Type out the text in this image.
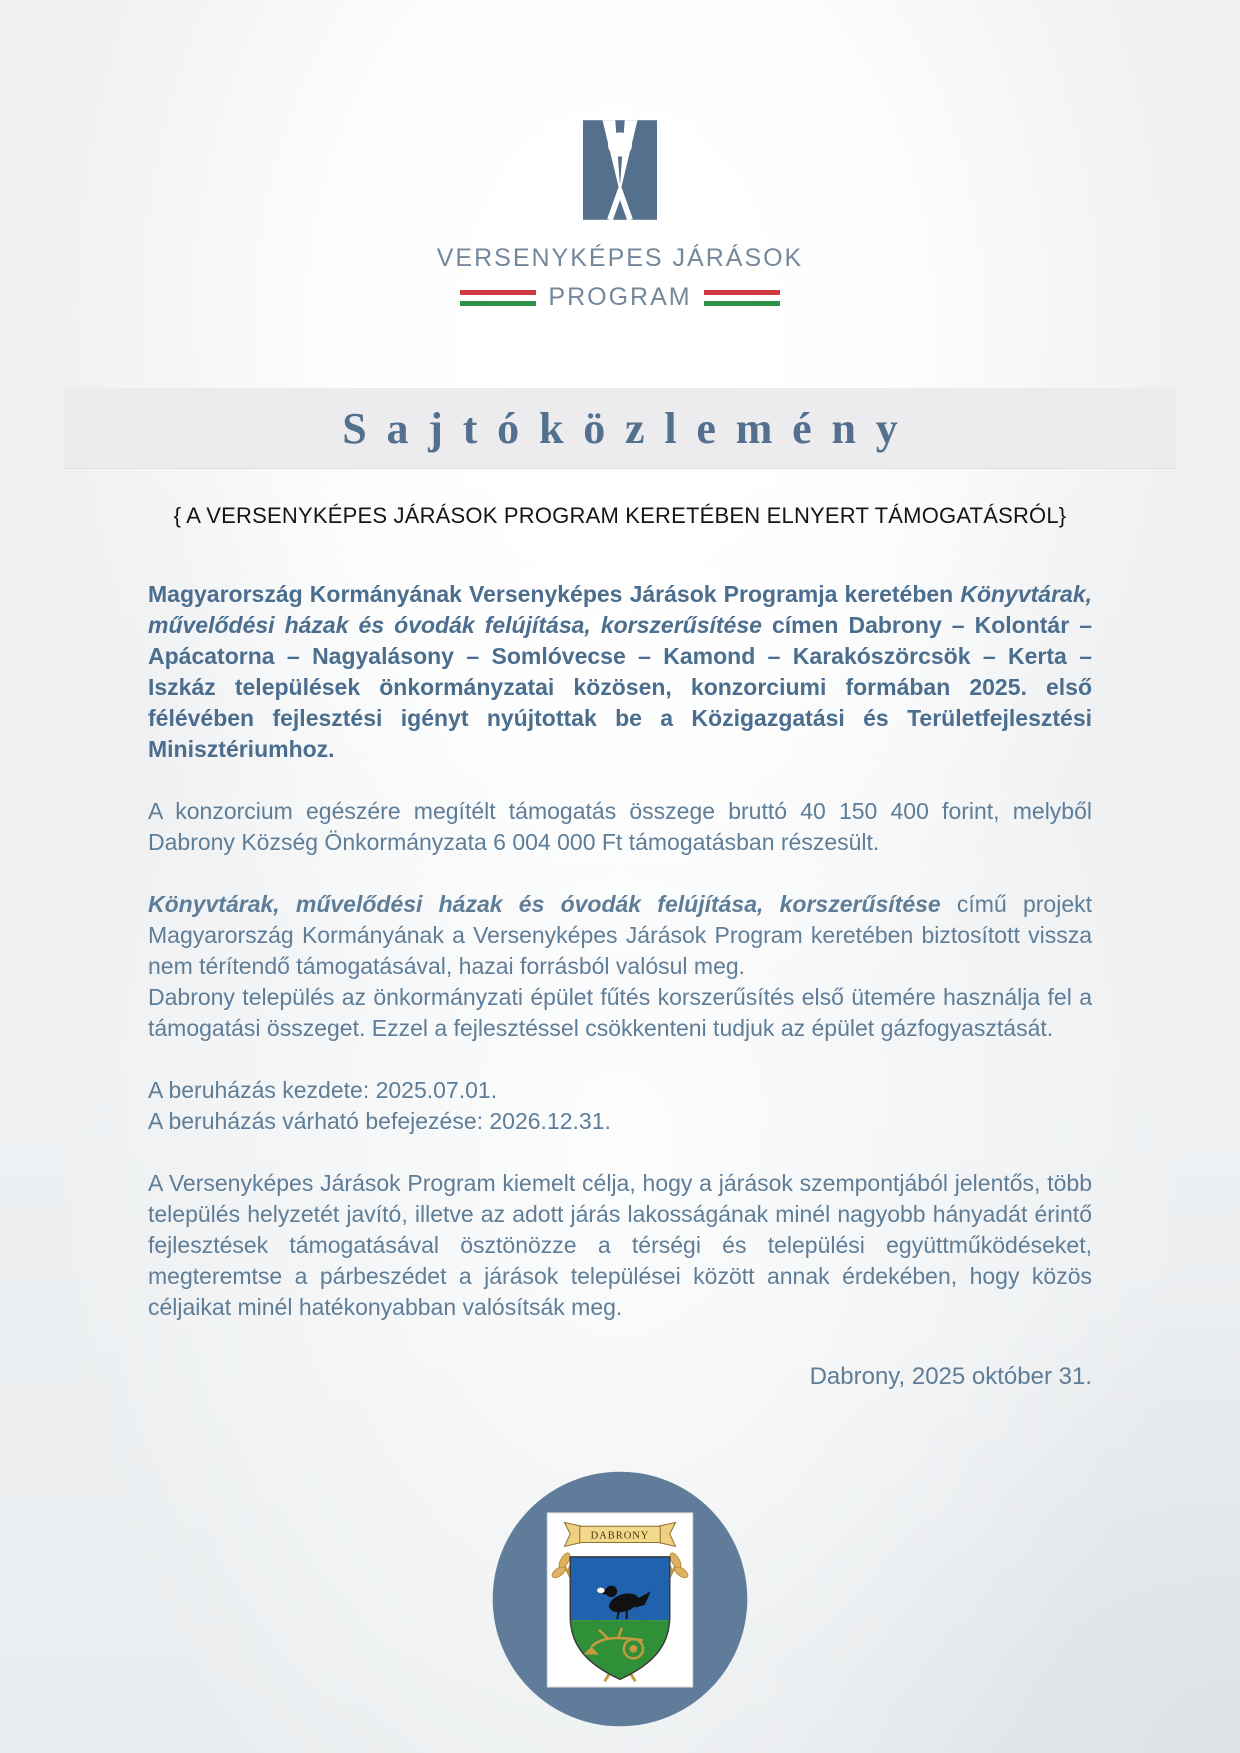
VERSENYKÉPES JÁRÁSOK
PROGRAM
Sajtóközlemény
{ A VERSENYKÉPES JÁRÁSOK PROGRAM KERETÉBEN ELNYERT TÁMOGATÁSRÓL}

Magyarország Kormányának Versenyképes Járások Programja keretében Könyvtárak, művelődési házak és óvodák felújítása, korszerűsítése címen Dabrony – Kolontár – Apácatorna – Nagyalásony – Somlóvecse – Kamond – Karakószörcsök – Kerta – Iszkáz települések önkormányzatai közösen, konzorciumi formában 2025. első félévében fejlesztési igényt nyújtottak be a Közigazgatási és Területfejlesztési Minisztériumhoz.

A konzorcium egészére megítélt támogatás összege bruttó 40 150 400 forint, melyből Dabrony Község Önkormányzata 6 004 000 Ft támogatásban részesült.

Könyvtárak, művelődési házak és óvodák felújítása, korszerűsítése című projekt Magyarország Kormányának a Versenyképes Járások Program keretében biztosított vissza nem térítendő támogatásával, hazai forrásból valósul meg.
Dabrony település az önkormányzati épület fűtés korszerűsítés első ütemére használja fel a támogatási összeget. Ezzel a fejlesztéssel csökkenteni tudjuk az épület gázfogyasztását.

A beruházás kezdete: 2025.07.01.
A beruházás várható befejezése: 2026.12.31.

A Versenyképes Járások Program kiemelt célja, hogy a járások szempontjából jelentős, több település helyzetét javító, illetve az adott járás lakosságának minél nagyobb hányadát érintő fejlesztések támogatásával ösztönözze a térségi és települési együttműködéseket, megteremtse a párbeszédet a járások települései között annak érdekében, hogy közös céljaikat minél hatékonyabban valósítsák meg.

Dabrony, 2025 október 31.
DABRONY
